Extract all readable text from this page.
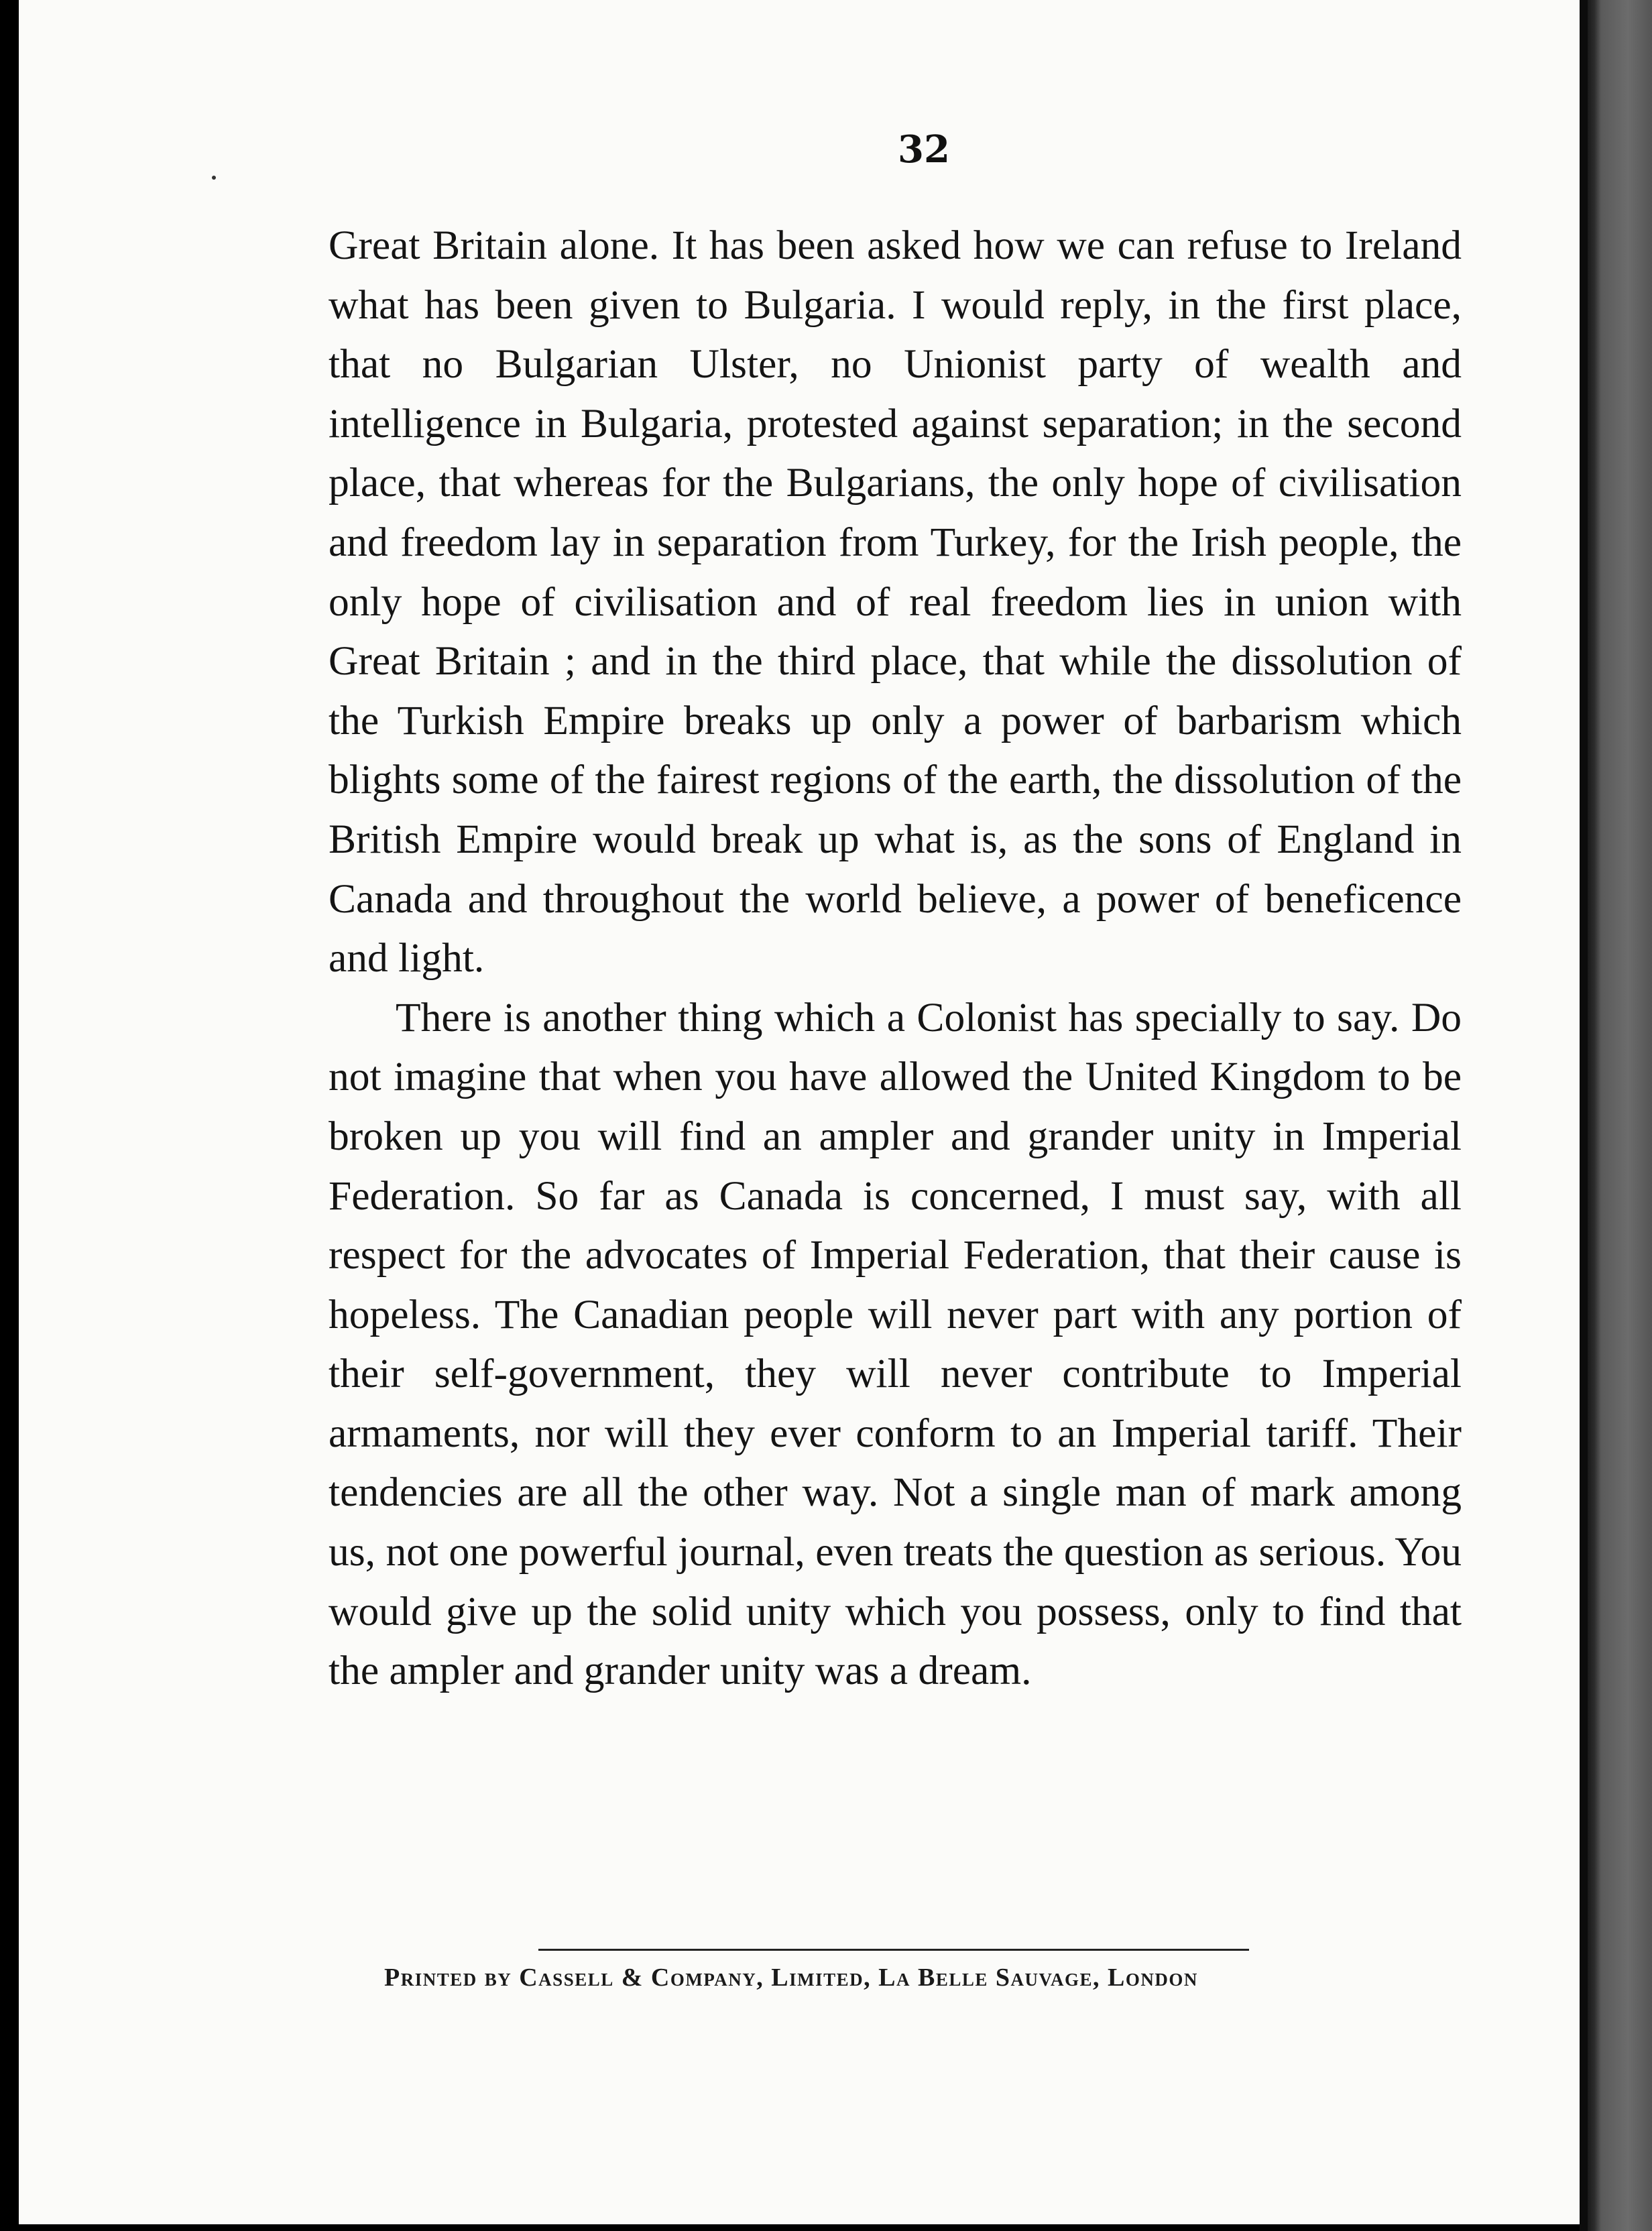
32

Great Britain alone. It has been asked how we can refuse to Ireland what has been given to Bulgaria. I would reply, in the first place, that no Bulgarian Ulster, no Unionist party of wealth and intelligence in Bulgaria, protested against separation; in the second place, that whereas for the Bulgarians, the only hope of civilisation and freedom lay in separation from Turkey, for the Irish people, the only hope of civilisation and of real freedom lies in union with Great Britain ; and in the third place, that while the dissolution of the Turkish Empire breaks up only a power of barbarism which blights some of the fairest regions of the earth, the dissolution of the British Empire would break up what is, as the sons of England in Canada and throughout the world believe, a power of beneficence and light.

There is another thing which a Colonist has specially to say. Do not imagine that when you have allowed the United Kingdom to be broken up you will find an ampler and grander unity in Imperial Federation. So far as Canada is concerned, I must say, with all respect for the advocates of Imperial Federation, that their cause is hopeless. The Canadian people will never part with any portion of their self-government, they will never contribute to Imperial armaments, nor will they ever conform to an Imperial tariff. Their tendencies are all the other way. Not a single man of mark among us, not one powerful journal, even treats the question as serious. You would give up the solid unity which you possess, only to find that the ampler and grander unity was a dream.

Printed by Cassell & Company, Limited, La Belle Sauvage, London
